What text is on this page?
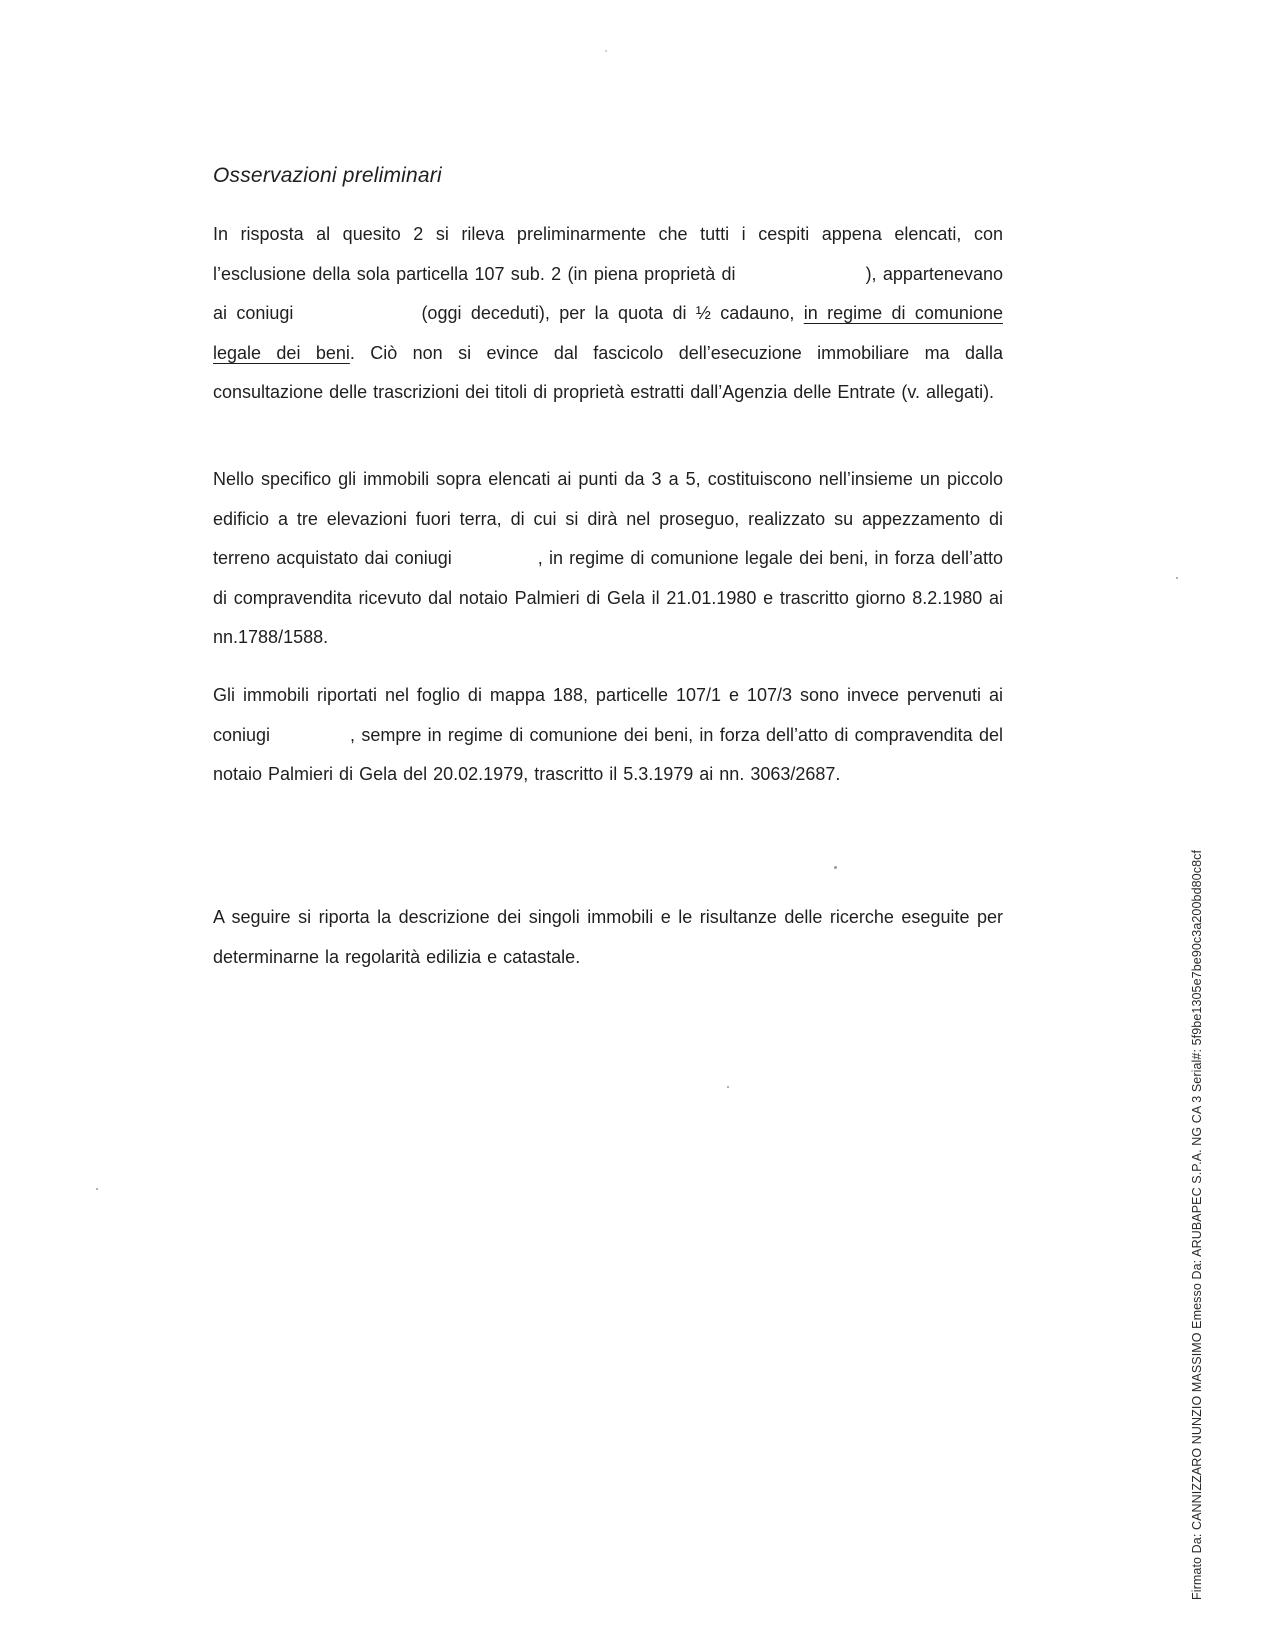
Osservazioni preliminari

In risposta al quesito 2 si rileva preliminarmente che tutti i cespiti appena elencati, con l’esclusione della sola particella 107 sub. 2 (in piena proprietà di	), appartenevano ai coniugi	(oggi deceduti), per la quota di ½ cadauno, in regime di comunione legale dei beni. Ciò non si evince dal fascicolo dell’esecuzione immobiliare ma dalla consultazione delle trascrizioni dei titoli di proprietà estratti dall’Agenzia delle Entrate (v. allegati).

Nello specifico gli immobili sopra elencati ai punti da 3 a 5, costituiscono nell’insieme un piccolo edificio a tre elevazioni fuori terra, di cui si dirà nel proseguo, realizzato su appezzamento di terreno acquistato dai coniugi	, in regime di comunione legale dei beni, in forza dell’atto di compravendita ricevuto dal notaio Palmieri di Gela il 21.01.1980 e trascritto giorno 8.2.1980 ai nn.1788/1588.

Gli immobili riportati nel foglio di mappa 188, particelle 107/1 e 107/3 sono invece pervenuti ai coniugi	, sempre in regime di comunione dei beni, in forza dell’atto di compravendita del notaio Palmieri di Gela del 20.02.1979, trascritto il 5.3.1979 ai nn. 3063/2687.

A seguire si riporta la descrizione dei singoli immobili e le risultanze delle ricerche eseguite per determinarne la regolarità edilizia e catastale.	Firmato Da: CANNIZZARO NUNZIO MASSIMO Emesso Da: ARUBAPEC S.P.A. NG CA 3 Serial#: 5f9be1305e7be90c3a200bd80c8cf
